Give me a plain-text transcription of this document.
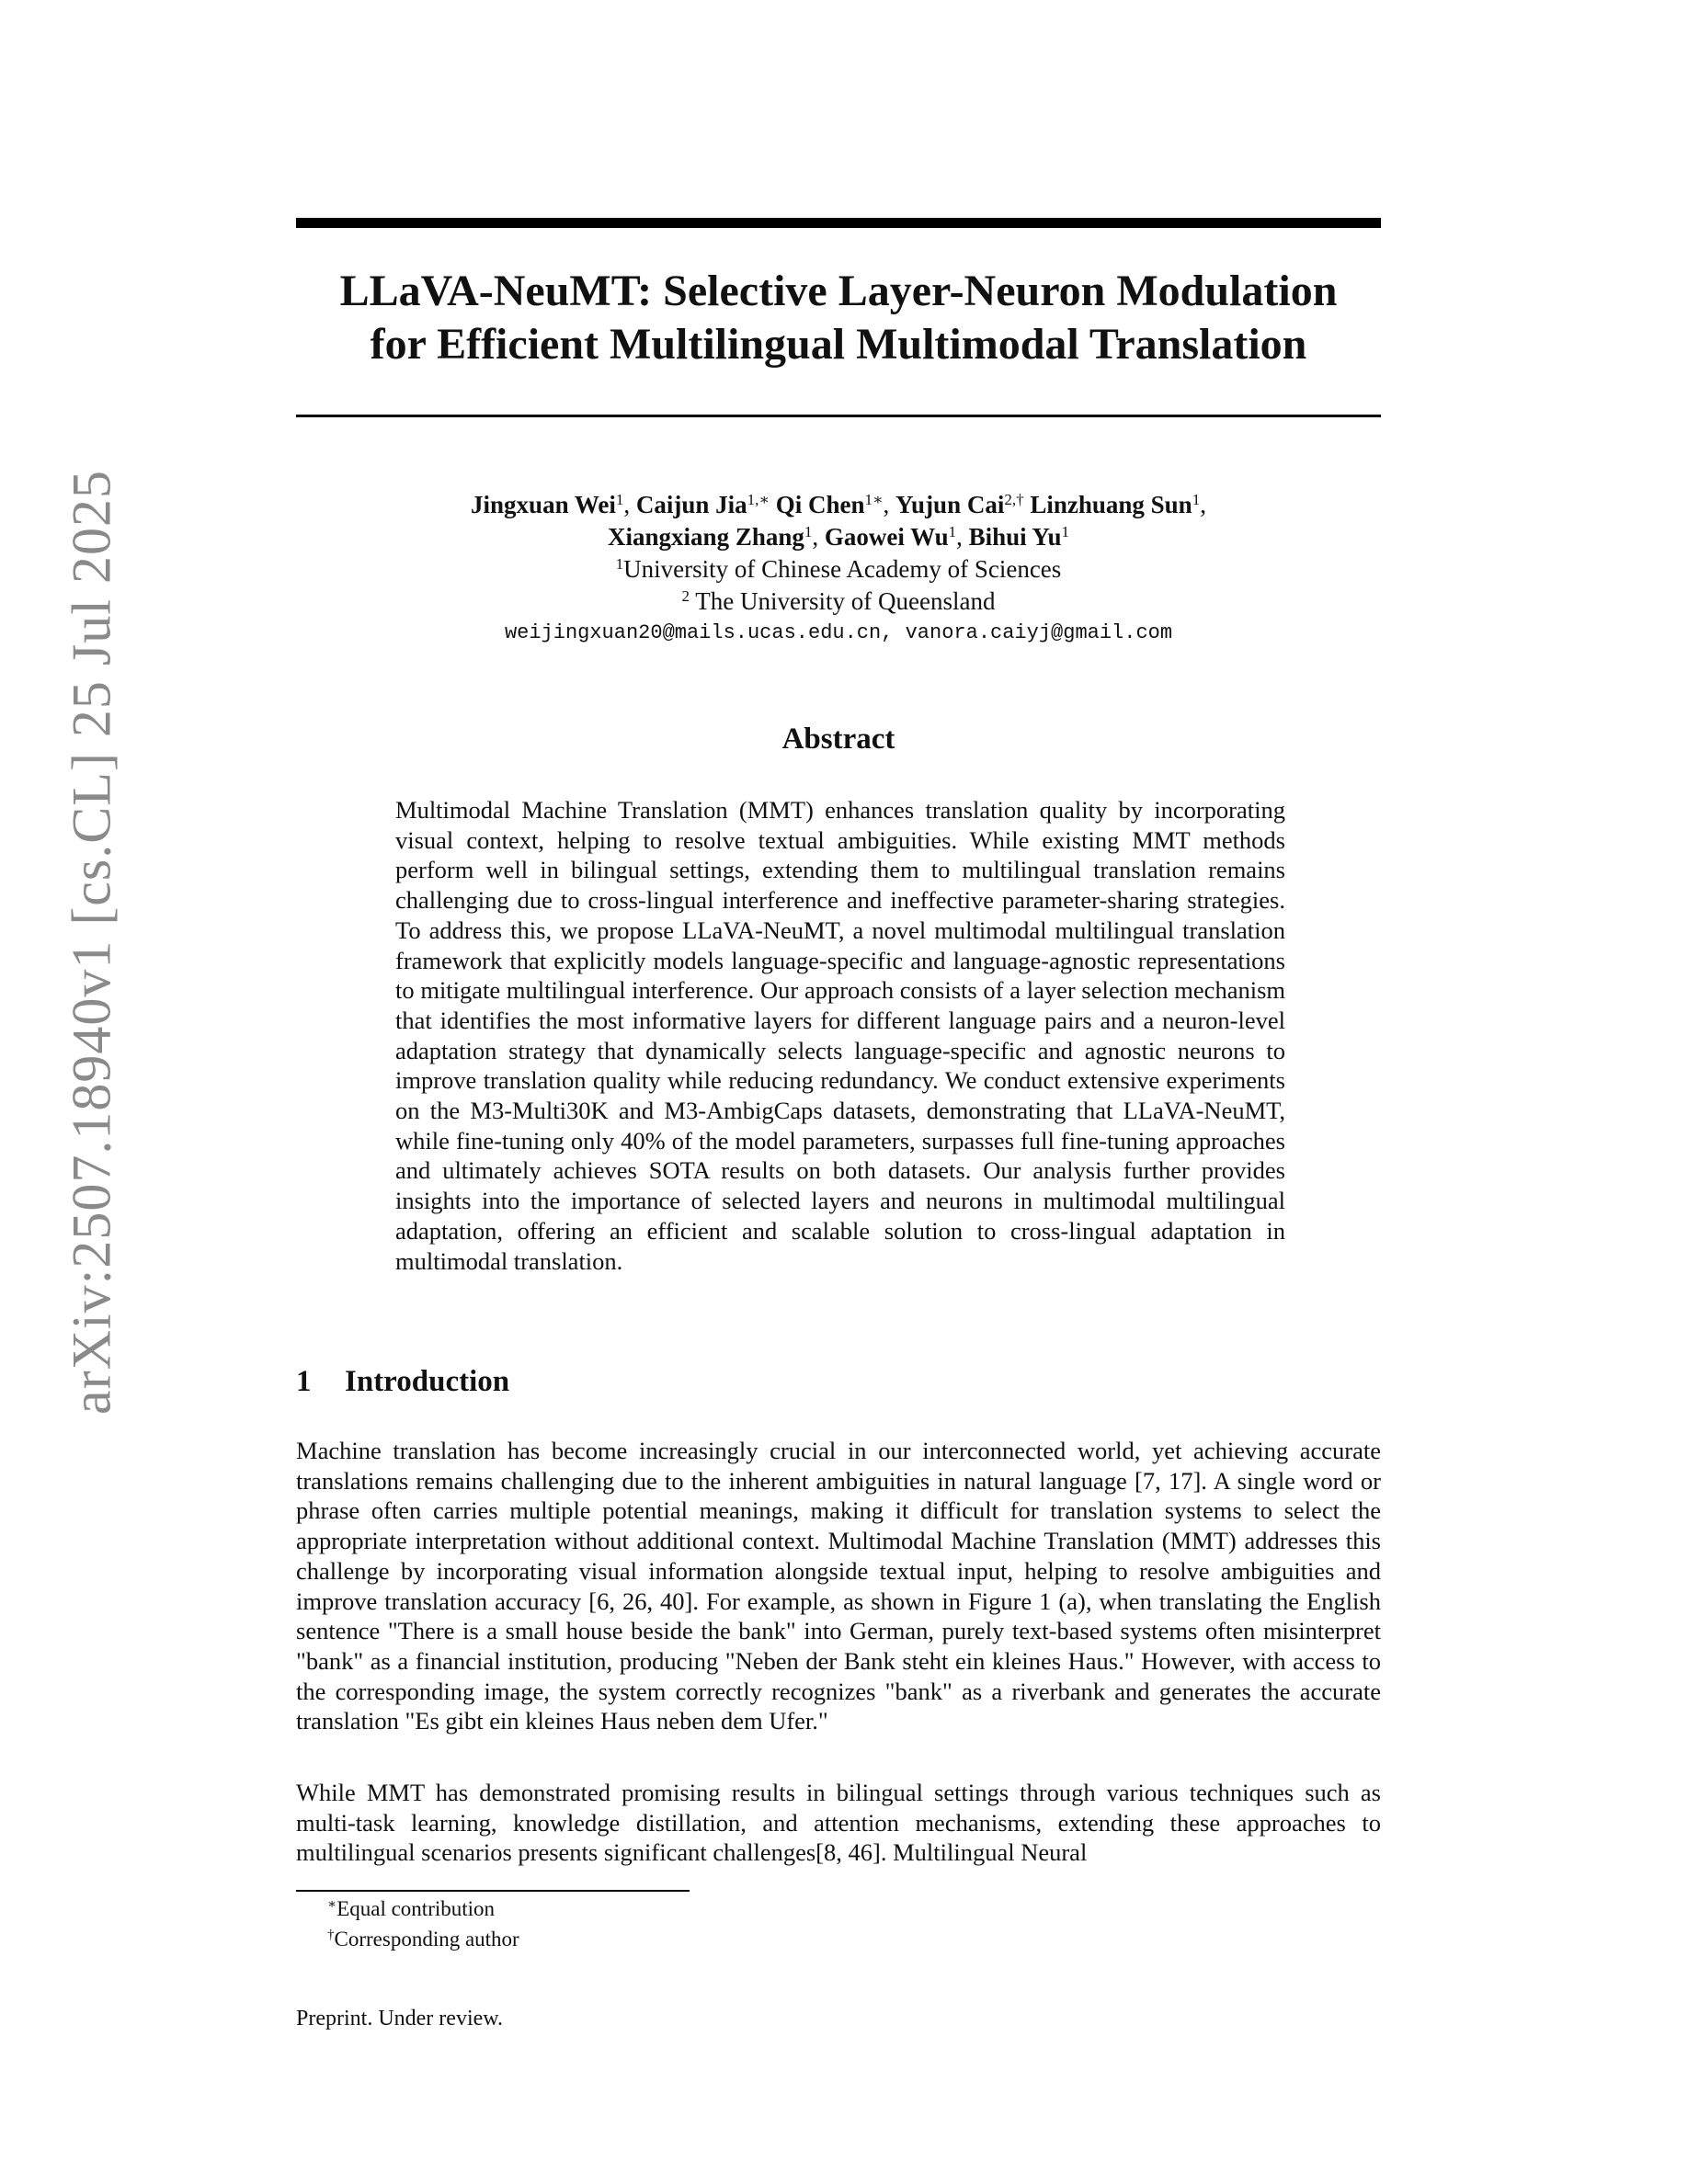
arXiv:2507.18940v1 [cs.CL] 25 Jul 2025
LLaVA-NeuMT: Selective Layer-Neuron Modulation
for Efficient Multilingual Multimodal Translation
Jingxuan Wei$^1$, Caijun Jia$^{1,∗}$ Qi Chen$^{1∗}$, Yujun Cai$^{2,\dagger}$ Linzhuang Sun$^1$,
Xiangxiang Zhang$^1$, Gaowei Wu$^1$, Bihui Yu$^1$
$^1$University of Chinese Academy of Sciences
$^2$ The University of Queensland
weijingxuan20@mails.ucas.edu.cn, vanora.caiyj@gmail.com
Abstract

Multimodal Machine Translation (MMT) enhances translation quality by incorporating visual context, helping to resolve textual ambiguities. While existing MMT methods perform well in bilingual settings, extending them to multilingual translation remains challenging due to cross-lingual interference and ineffective parameter-sharing strategies. To address this, we propose LLaVA-NeuMT, a novel multimodal multilingual translation framework that explicitly models language-specific and language-agnostic representations to mitigate multilingual interference. Our approach consists of a layer selection mechanism that identifies the most informative layers for different language pairs and a neuron-level adaptation strategy that dynamically selects language-specific and agnostic neurons to improve translation quality while reducing redundancy. We conduct extensive experiments on the M3-Multi30K and M3-AmbigCaps datasets, demonstrating that LLaVA-NeuMT, while fine-tuning only 40% of the model parameters, surpasses full fine-tuning approaches and ultimately achieves SOTA results on both datasets. Our analysis further provides insights into the importance of selected layers and neurons in multimodal multilingual adaptation, offering an efficient and scalable solution to cross-lingual adaptation in multimodal translation.

1 Introduction

Machine translation has become increasingly crucial in our interconnected world, yet achieving accurate translations remains challenging due to the inherent ambiguities in natural language [7, 17]. A single word or phrase often carries multiple potential meanings, making it difficult for translation systems to select the appropriate interpretation without additional context. Multimodal Machine Translation (MMT) addresses this challenge by incorporating visual information alongside textual input, helping to resolve ambiguities and improve translation accuracy [6, 26, 40]. For example, as shown in Figure 1 (a), when translating the English sentence "There is a small house beside the bank" into German, purely text-based systems often misinterpret "bank" as a financial institution, producing "Neben der Bank steht ein kleines Haus." However, with access to the corresponding image, the system correctly recognizes "bank" as a riverbank and generates the accurate translation "Es gibt ein kleines Haus neben dem Ufer."

While MMT has demonstrated promising results in bilingual settings through various techniques such as multi-task learning, knowledge distillation, and attention mechanisms, extending these approaches to multilingual scenarios presents significant challenges[8, 46]. Multilingual Neural

∗Equal contribution
†Corresponding author
Preprint. Under review.
